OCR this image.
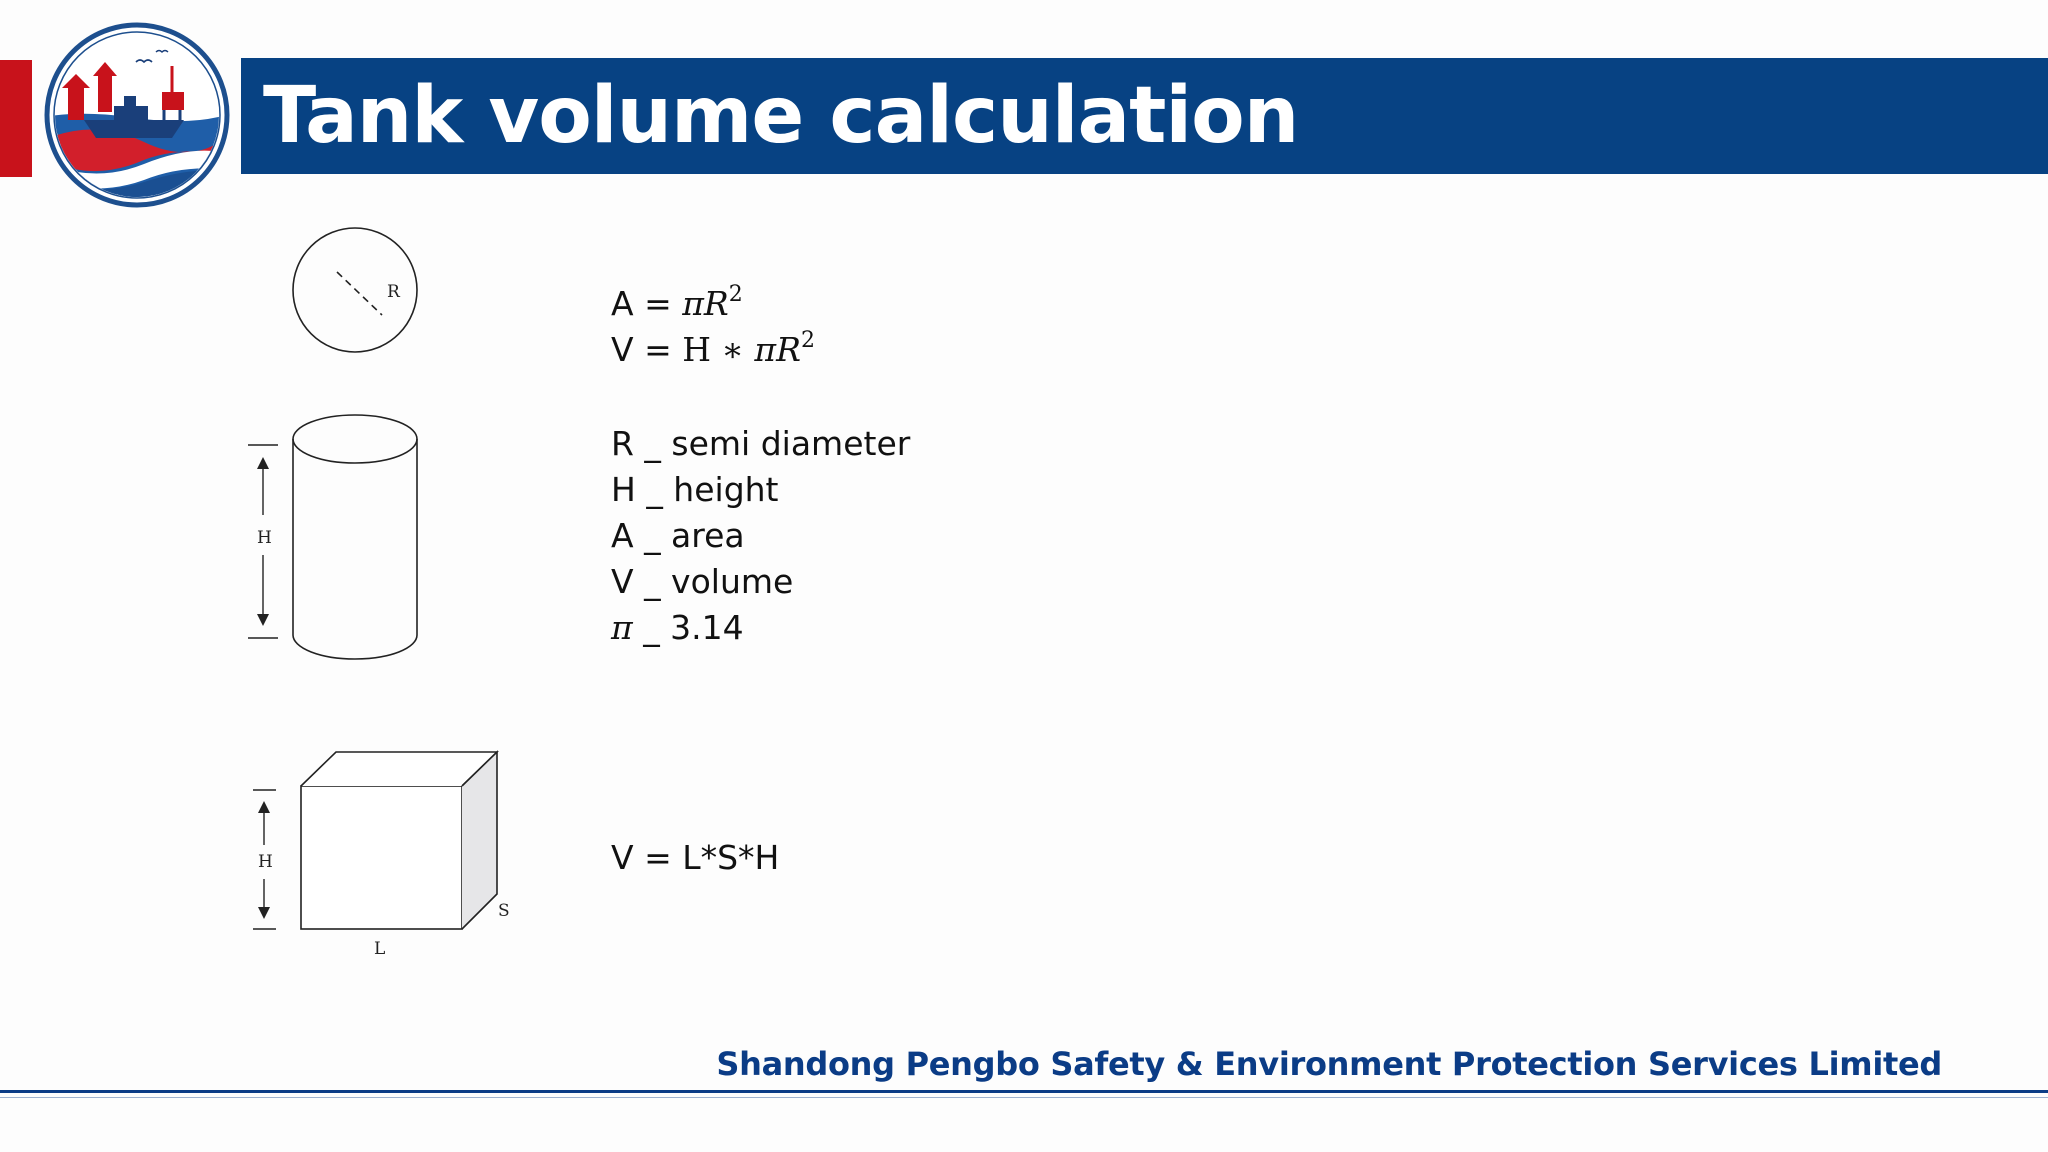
Tank volume calculation
R
H
H
L
S
$A = \pi R^2$
V = H ∗ $\pi R^2$
R _ semi diameter
H _ height
A _ area
V _ volume
π _ 3.14
V = L*S*H
Shandong Pengbo Safety & Environment Protection Services Limited
